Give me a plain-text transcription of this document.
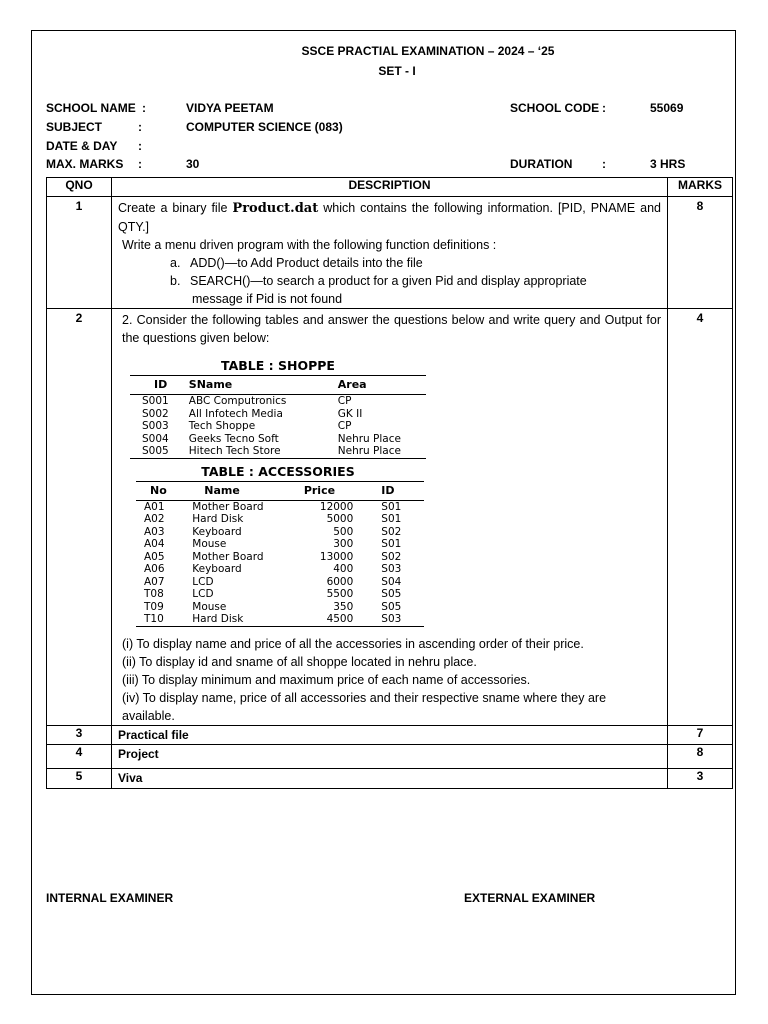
SSCE PRACTIAL EXAMINATION – 2024 – ‘25
SET - I
SCHOOL NAME :	VIDYA PEETAM	SCHOOL CODE :	55069
SUBJECT	:	COMPUTER SCIENCE (083)
DATE & DAY :
MAX. MARKS :	30	DURATION :	3 HRS
QNO	DESCRIPTION	MARKS
1	Create a binary file Product.dat which contains the following information. [PID, PNAME and QTY.]
Write a menu driven program with the following function definitions :
a. ADD()—to Add Product details into the file
b. SEARCH()—to search a product for a given Pid and display appropriate
message if Pid is not found
	8
2	2. Consider the following tables and answer the questions below and write query and Output for the questions given below:
TABLE : SHOPPE
ID	SName	Area
S001	ABC Computronics	CP
S002	All Infotech Media	GK II
S003	Tech Shoppe	CP
S004	Geeks Tecno Soft	Nehru Place
S005	Hitech Tech Store	Nehru Place
TABLE : ACCESSORIES
No	Name	Price	ID
A01	Mother Board	12000	S01
A02	Hard Disk	5000	S01
A03	Keyboard	500	S02
A04	Mouse	300	S01
A05	Mother Board	13000	S02
A06	Keyboard	400	S03
A07	LCD	6000	S04
T08	LCD	5500	S05
T09	Mouse	350	S05
T10	Hard Disk	4500	S03
(i) To display name and price of all the accessories in ascending order of their price.
(ii) To display id and sname of all shoppe located in nehru place.
(iii) To display minimum and maximum price of each name of accessories.
(iv) To display name, price of all accessories and their respective sname where they are available.
	4
3	Practical file	7
4	Project	8
5	Viva	3
INTERNAL EXAMINER	EXTERNAL EXAMINER
